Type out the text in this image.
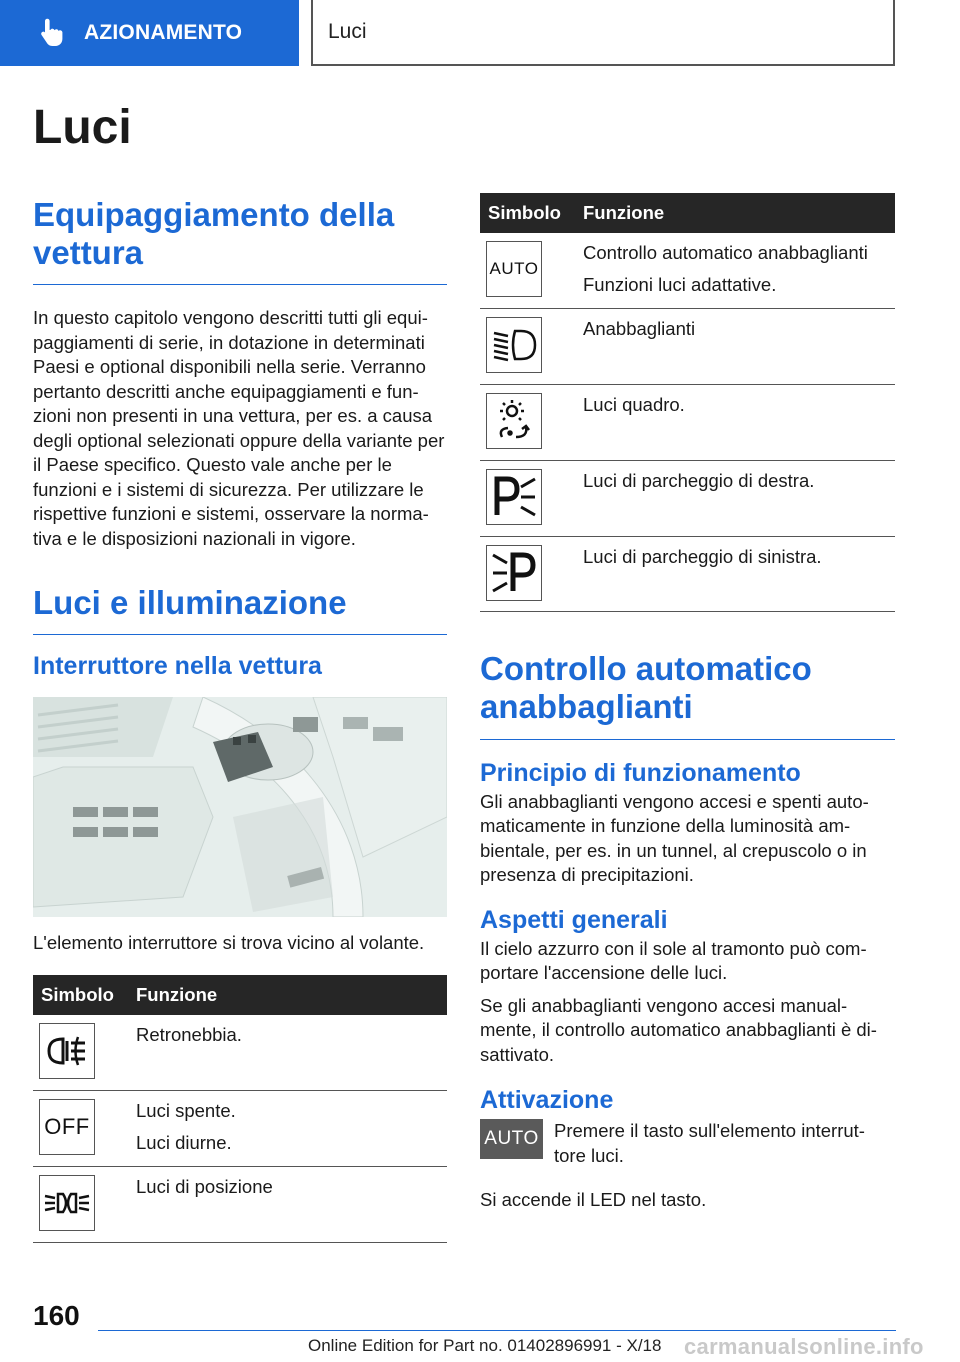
AZIONAMENTO	Luci
Luci
Equipaggiamento della vettura

In questo capitolo vengono descritti tutti gli equi-paggiamenti di serie, in dotazione in determinati Paesi e optional disponibili nella serie. Verranno pertanto descritti anche equipaggiamenti e fun-zioni non presenti in una vettura, per es. a causa degli optional selezionati oppure della variante per il Paese specifico. Questo vale anche per le funzioni e i sistemi di sicurezza. Per utilizzare le rispettive funzioni e sistemi, osservare la norma-tiva e le disposizioni nazionali in vigore.

Luci e illuminazione
Interruttore nella vettura

L'elemento interruttore si trova vicino al volante.

Simbolo	Funzione

Retronebbia.

OFF	Luci spente.
Luci diurne.

Luci di posizione
Simbolo	Funzione

AUTO	Controllo automatico anabbaglianti
Funzioni luci adattative.

Anabbaglianti

Luci quadro.

Luci di parcheggio di destra.

Luci di parcheggio di sinistra.
Controllo automatico anabbaglianti
Principio di funzionamento

Gli anabbaglianti vengono accesi e spenti auto-maticamente in funzione della luminosità am-bientale, per es. in un tunnel, al crepuscolo o in presenza di precipitazioni.

Aspetti generali

Il cielo azzurro con il sole al tramonto può com-portare l'accensione delle luci.

Se gli anabbaglianti vengono accesi manual-mente, il controllo automatico anabbaglianti è di-sattivato.

Attivazione
AUTO Premere il tasto sull'elemento interrut-tore luci.

Si accende il LED nel tasto.

160
Online Edition for Part no. 01402896991 - X/18 carmanualsonline.info
